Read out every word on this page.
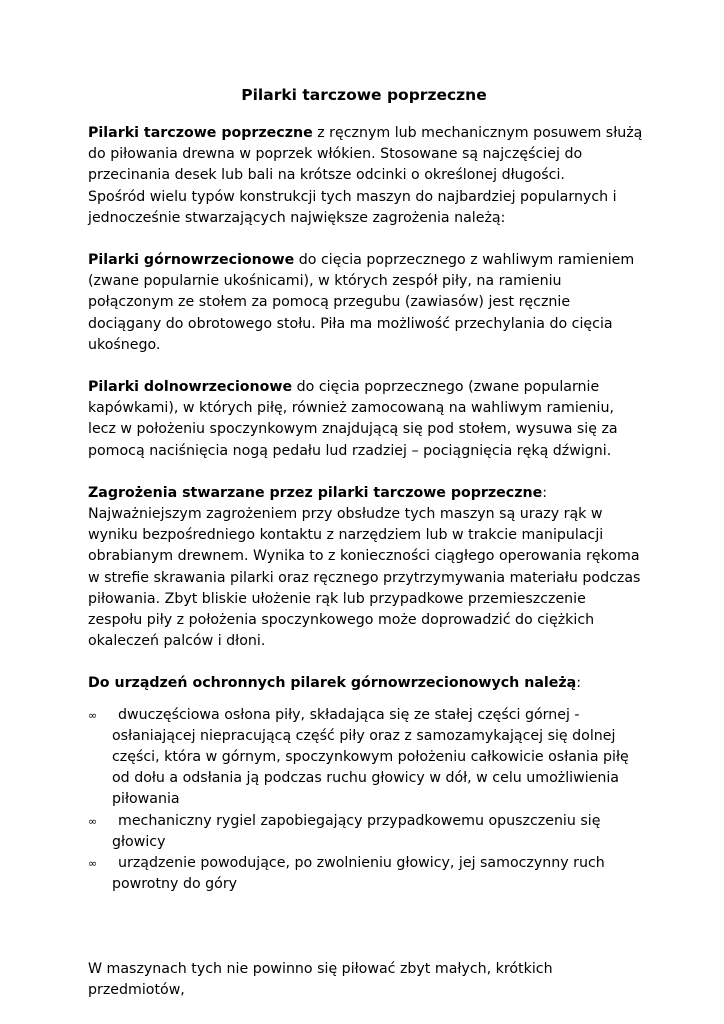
Pilarki tarczowe poprzeczne

Pilarki tarczowe poprzeczne z ręcznym lub mechanicznym posuwem służą do piłowania drewna w poprzek włókien. Stosowane są najczęściej do przecinania desek lub bali na krótsze odcinki o określonej długości.

Spośród wielu typów konstrukcji tych maszyn do najbardziej popularnych i jednocześnie stwarzających największe zagrożenia należą:

Pilarki górnowrzecionowe do cięcia poprzecznego z wahliwym ramieniem (zwane popularnie ukośnicami), w których zespół piły, na ramieniu połączonym ze stołem za pomocą przegubu (zawiasów) jest ręcznie dociągany do obrotowego stołu. Piła ma możliwość przechylania do cięcia ukośnego.

Pilarki dolnowrzecionowe do cięcia poprzecznego (zwane popularnie kapówkami), w których piłę, również zamocowaną na wahliwym ramieniu, lecz w położeniu spoczynkowym znajdującą się pod stołem, wysuwa się za pomocą naciśnięcia nogą pedału lud rzadziej – pociągnięcia ręką dźwigni.

Zagrożenia stwarzane przez pilarki tarczowe poprzeczne:

Najważniejszym zagrożeniem przy obsłudze tych maszyn są urazy rąk w wyniku bezpośredniego kontaktu z narzędziem lub w trakcie manipulacji obrabianym drewnem. Wynika to z konieczności ciągłego operowania rękoma w strefie skrawania pilarki oraz ręcznego przytrzymywania materiału podczas piłowania. Zbyt bliskie ułożenie rąk lub przypadkowe przemieszczenie zespołu piły z położenia spoczynkowego może doprowadzić do ciężkich okaleczeń palców i dłoni.

Do urządzeń ochronnych pilarek górnowrzecionowych należą:

∞	dwuczęściowa osłona piły, składająca się ze stałej części górnej - osłaniającej niepracującą część piły oraz z samozamykającej się dolnej części, która w górnym, spoczynkowym położeniu całkowicie osłania piłę od dołu a odsłania ją podczas ruchu głowicy w dół, w celu umożliwienia piłowania
∞	mechaniczny rygiel zapobiegający przypadkowemu opuszczeniu się głowicy
∞	urządzenie powodujące, po zwolnieniu głowicy, jej samoczynny ruch powrotny do góry

W maszynach tych nie powinno się piłować zbyt małych, krótkich przedmiotów,
